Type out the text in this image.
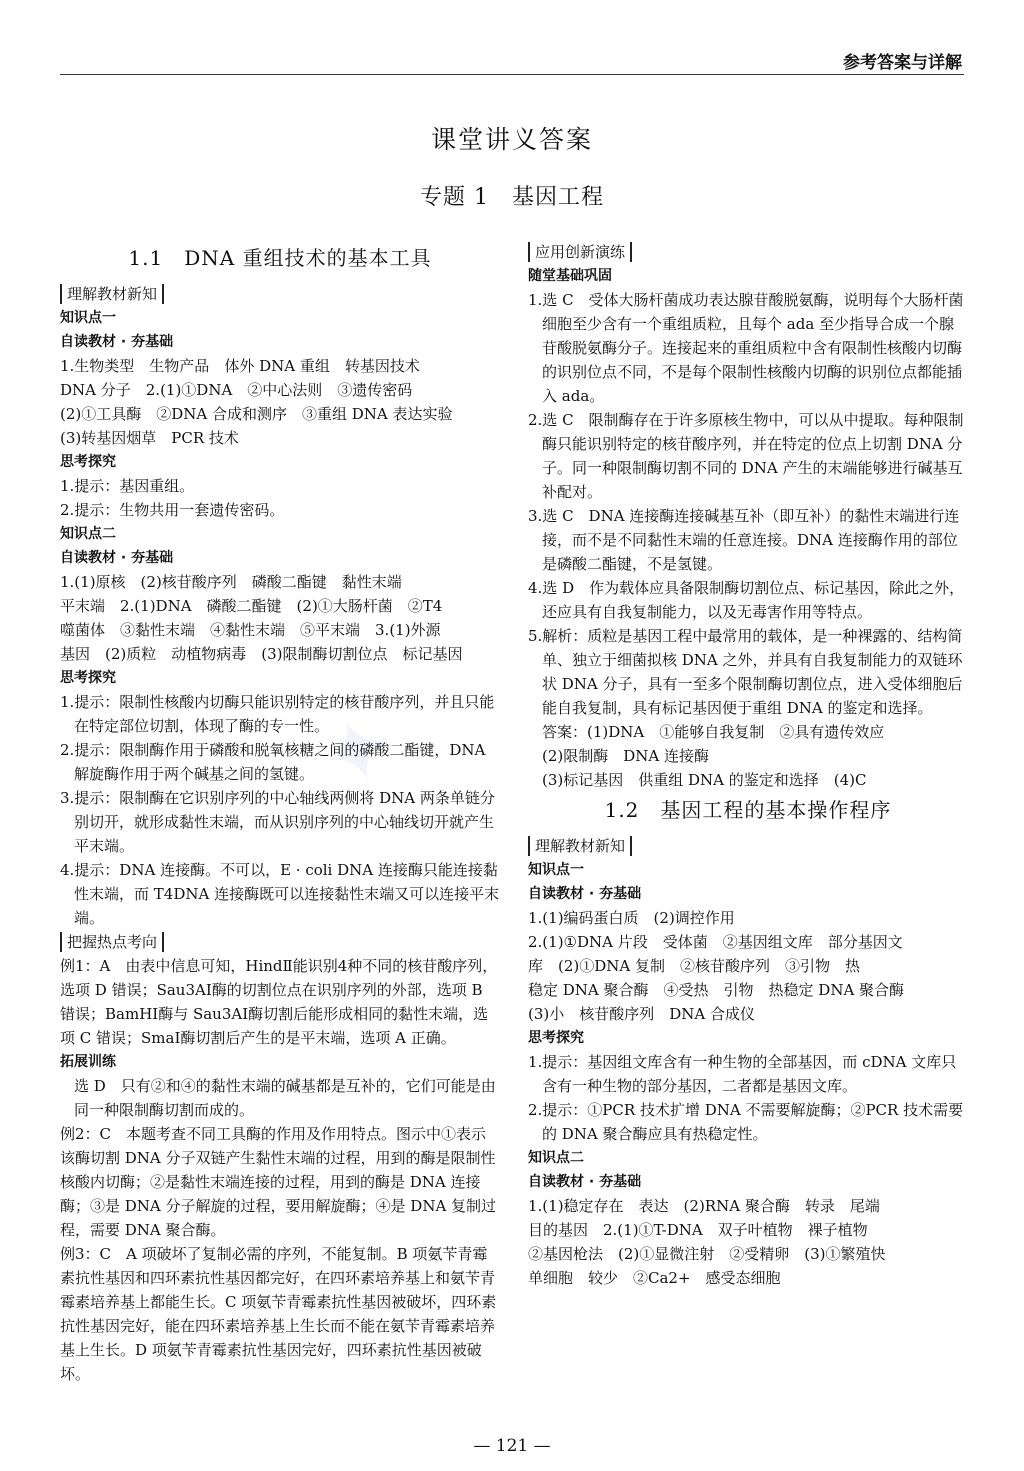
参考答案与详解
课堂讲义答案
专题 1　基因工程
✦
1.1　DNA 重组技术的基本工具
理解教材新知
知识点一
自读教材 · 夯基础

1.生物类型　生物产品　体外 DNA 重组　转基因技术

DNA 分子　2.(1)①DNA　②中心法则　③遗传密码

(2)①工具酶　②DNA 合成和测序　③重组 DNA 表达实验

(3)转基因烟草　PCR 技术

思考探究

1.提示：基因重组。

2.提示：生物共用一套遗传密码。

知识点二
自读教材 · 夯基础

1.(1)原核　(2)核苷酸序列　磷酸二酯键　黏性末端

平末端　2.(1)DNA　磷酸二酯键　(2)①大肠杆菌　②T4

噬菌体　③黏性末端　④黏性末端　⑤平末端　3.(1)外源

基因　(2)质粒　动植物病毒　(3)限制酶切割位点　标记基因

思考探究

1.提示：限制性核酸内切酶只能识别特定的核苷酸序列，并且只能在特定部位切割，体现了酶的专一性。

2.提示：限制酶作用于磷酸和脱氧核糖之间的磷酸二酯键，DNA 解旋酶作用于两个碱基之间的氢键。

3.提示：限制酶在它识别序列的中心轴线两侧将 DNA 两条单链分别切开，就形成黏性末端，而从识别序列的中心轴线切开就产生平末端。

4.提示：DNA 连接酶。不可以，E · coli DNA 连接酶只能连接黏性末端，而 T4DNA 连接酶既可以连接黏性末端又可以连接平末端。

把握热点考向

例1：A　由表中信息可知，HindⅡ能识别4种不同的核苷酸序列，选项 D 错误；Sau3AⅠ酶的切割位点在识别序列的外部，选项 B 错误；BamHⅠ酶与 Sau3AⅠ酶切割后能形成相同的黏性末端，选项 C 错误；SmaⅠ酶切割后产生的是平末端，选项 A 正确。

拓展训练

选 D　只有②和④的黏性末端的碱基都是互补的，它们可能是由同一种限制酶切割而成的。

例2：C　本题考查不同工具酶的作用及作用特点。图示中①表示该酶切割 DNA 分子双链产生黏性末端的过程，用到的酶是限制性核酸内切酶；②是黏性末端连接的过程，用到的酶是 DNA 连接酶；③是 DNA 分子解旋的过程，要用解旋酶；④是 DNA 复制过程，需要 DNA 聚合酶。

例3：C　A 项破坏了复制必需的序列，不能复制。B 项氨苄青霉素抗性基因和四环素抗性基因都完好，在四环素培养基上和氨苄青霉素培养基上都能生长。C 项氨苄青霉素抗性基因被破坏，四环素抗性基因完好，能在四环素培养基上生长而不能在氨苄青霉素培养基上生长。D 项氨苄青霉素抗性基因完好，四环素抗性基因被破坏。

应用创新演练
随堂基础巩固

1.选 C　受体大肠杆菌成功表达腺苷酸脱氨酶，说明每个大肠杆菌细胞至少含有一个重组质粒，且每个 ada 至少指导合成一个腺苷酸脱氨酶分子。连接起来的重组质粒中含有限制性核酸内切酶的识别位点不同，不是每个限制性核酸内切酶的识别位点都能插入 ada。

2.选 C　限制酶存在于许多原核生物中，可以从中提取。每种限制酶只能识别特定的核苷酸序列，并在特定的位点上切割 DNA 分子。同一种限制酶切割不同的 DNA 产生的末端能够进行碱基互补配对。

3.选 C　DNA 连接酶连接碱基互补（即互补）的黏性末端进行连接，而不是不同黏性末端的任意连接。DNA 连接酶作用的部位是磷酸二酯键，不是氢键。

4.选 D　作为载体应具备限制酶切割位点、标记基因，除此之外，还应具有自我复制能力，以及无毒害作用等特点。

5.解析：质粒是基因工程中最常用的载体，是一种裸露的、结构简单、独立于细菌拟核 DNA 之外，并具有自我复制能力的双链环状 DNA 分子，具有一至多个限制酶切割位点，进入受体细胞后能自我复制，具有标记基因便于重组 DNA 的鉴定和选择。

答案：(1)DNA　①能够自我复制　②具有遗传效应

(2)限制酶　DNA 连接酶

(3)标记基因　供重组 DNA 的鉴定和选择　(4)C

1.2　基因工程的基本操作程序
理解教材新知
知识点一
自读教材 · 夯基础

1.(1)编码蛋白质　(2)调控作用

2.(1)①DNA 片段　受体菌　②基因组文库　部分基因文

库　(2)①DNA 复制　②核苷酸序列　③引物　热

稳定 DNA 聚合酶　④受热　引物　热稳定 DNA 聚合酶

(3)小　核苷酸序列　DNA 合成仪

思考探究

1.提示：基因组文库含有一种生物的全部基因，而 cDNA 文库只含有一种生物的部分基因，二者都是基因文库。

2.提示：①PCR 技术扩增 DNA 不需要解旋酶；②PCR 技术需要的 DNA 聚合酶应具有热稳定性。

知识点二
自读教材 · 夯基础

1.(1)稳定存在　表达　(2)RNA 聚合酶　转录　尾端

目的基因　2.(1)①T-DNA　双子叶植物　裸子植物

②基因枪法　(2)①显微注射　②受精卵　(3)①繁殖快

单细胞　较少　②Ca2+　感受态细胞

— 121 —
